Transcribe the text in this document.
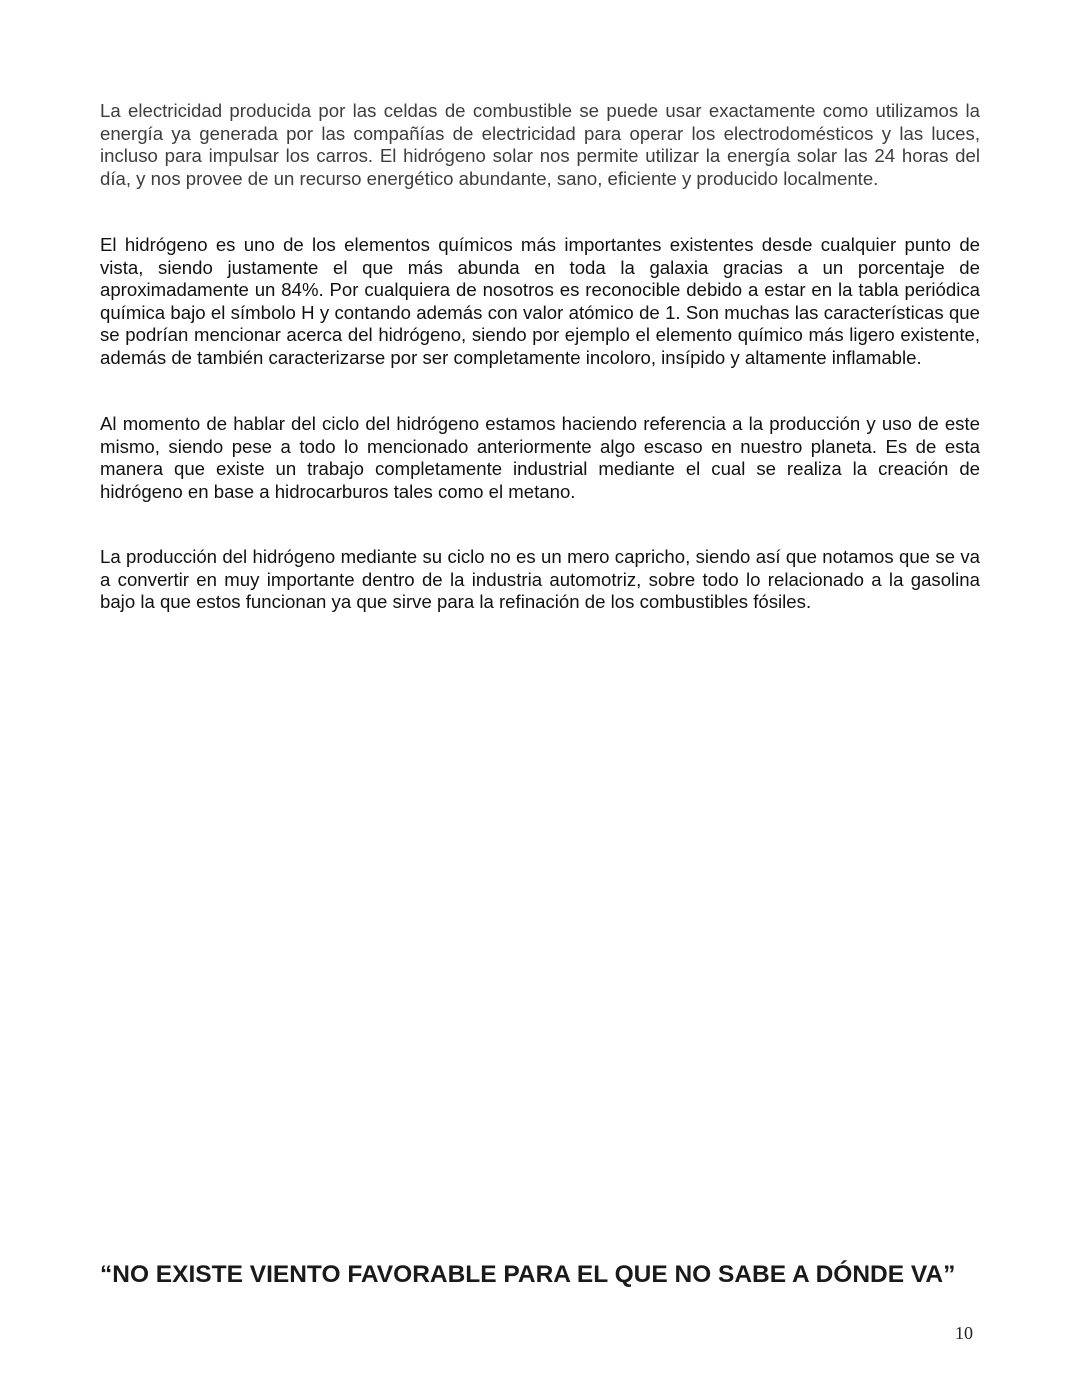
La electricidad producida por las celdas de combustible se puede usar exactamente como utilizamos la energía ya generada por las compañías de electricidad para operar los electrodomésticos y las luces, incluso para impulsar los carros. El hidrógeno solar nos permite utilizar la energía solar las 24 horas del día, y nos provee de un recurso energético abundante, sano, eficiente y producido localmente.

El hidrógeno es uno de los elementos químicos más importantes existentes desde cualquier punto de vista, siendo justamente el que más abunda en toda la galaxia gracias a un porcentaje de aproximadamente un 84%. Por cualquiera de nosotros es reconocible debido a estar en la tabla periódica química bajo el símbolo H y contando además con valor atómico de 1. Son muchas las características que se podrían mencionar acerca del hidrógeno, siendo por ejemplo el elemento químico más ligero existente, además de también caracterizarse por ser completamente incoloro, insípido y altamente inflamable.

Al momento de hablar del ciclo del hidrógeno estamos haciendo referencia a la producción y uso de este mismo, siendo pese a todo lo mencionado anteriormente algo escaso en nuestro planeta. Es de esta manera que existe un trabajo completamente industrial mediante el cual se realiza la creación de hidrógeno en base a hidrocarburos tales como el metano.

La producción del hidrógeno mediante su ciclo no es un mero capricho, siendo así que notamos que se va a convertir en muy importante dentro de la industria automotriz, sobre todo lo relacionado a la gasolina bajo la que estos funcionan ya que sirve para la refinación de los combustibles fósiles.

“NO EXISTE VIENTO FAVORABLE PARA EL QUE NO SABE A DÓNDE VA”

10
